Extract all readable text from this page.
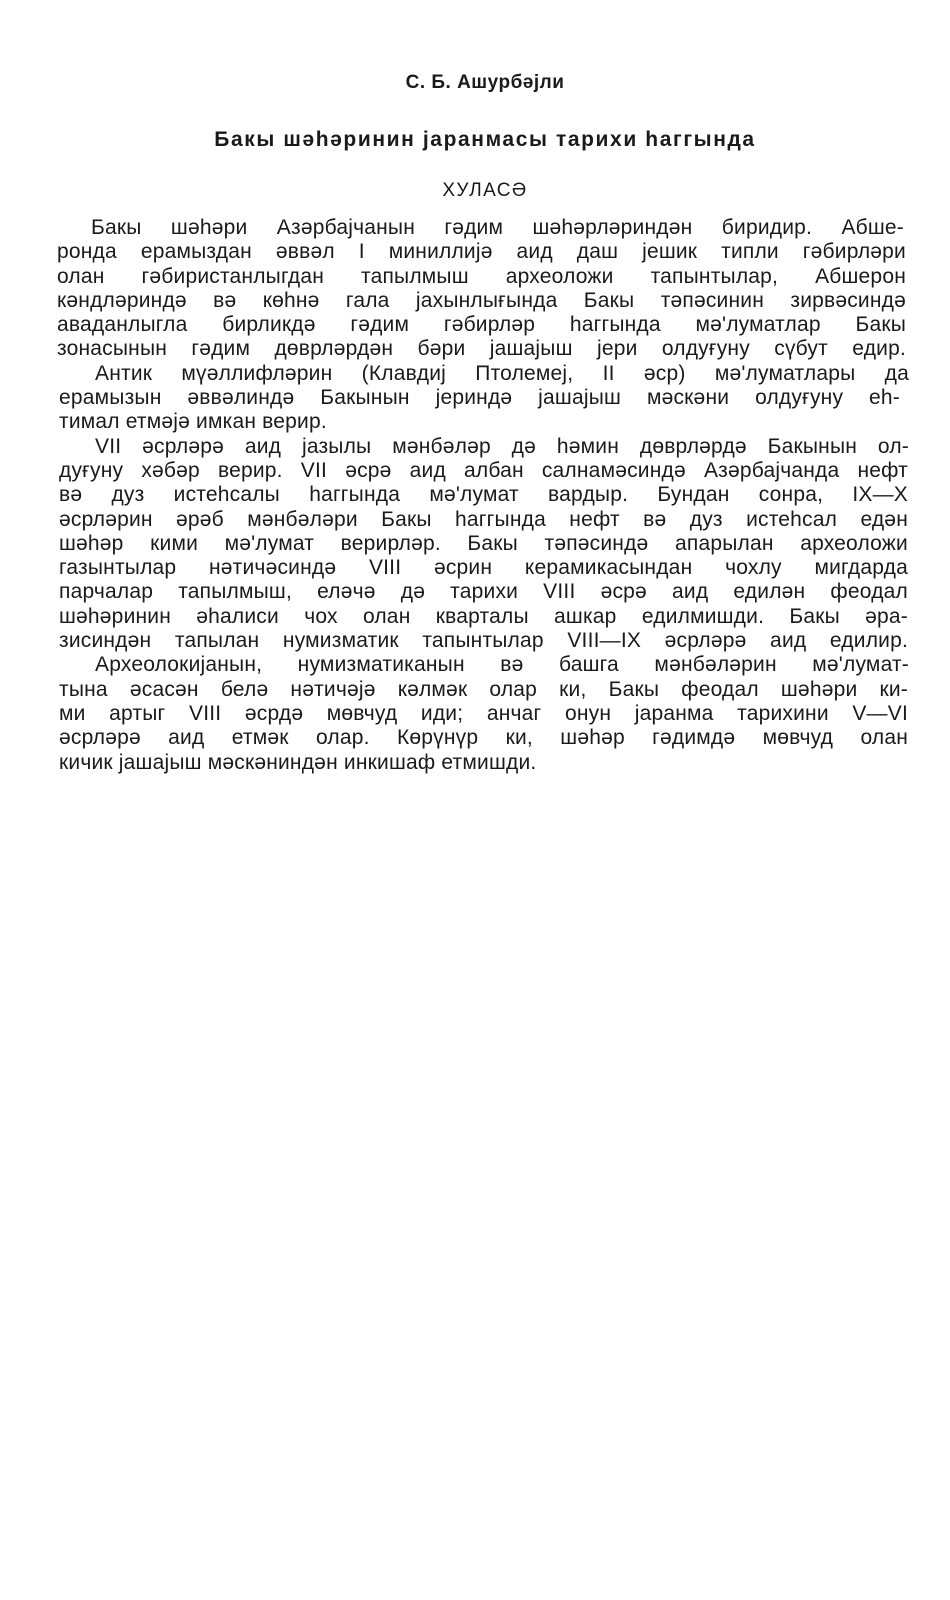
С. Б. Ашурбәјли
Бакы шәһәринин јаранмасы тарихи һаггында
ХУЛАСӘ
Бакы шәһәри Азәрбајчанын гәдим шәһәрләриндән биридир. Абше-
ронда ерамыздан әввәл I миниллијә аид даш јешик типли гәбирләри
олан гәбиристанлыгдан тапылмыш археоложи тапынтылар, Абшерон
кәндләриндә вә көһнә гала јахынлығында Бакы тәпәсинин зирвәсиндә
аваданлыгла бирликдә гәдим гәбирләр һаггында мә'луматлар Бакы
зонасынын гәдим дөврләрдән бәри јашајыш јери олдуғуну сүбут едир.
Антик мүәллифләрин (Клавдиј Птолемеј, II әср) мә'луматлары да
ерамызын әввәлиндә Бакынын јериндә јашајыш мәскәни олдуғуну еһ-
тимал етмәјә имкан верир.
VII әсрләрә аид јазылы мәнбәләр дә һәмин дөврләрдә Бакынын ол-
дуғуну хәбәр верир. VII әсрә аид албан салнамәсиндә Азәрбајчанда нефт
вә дуз истеһсалы һаггында мә'лумат вардыр. Бундан сонра, IX—X
әсрләрин әрәб мәнбәләри Бакы һаггында нефт вә дуз истеһсал едән
шәһәр кими мә'лумат верирләр. Бакы тәпәсиндә апарылан археоложи
газынтылар нәтичәсиндә VIII әсрин керамикасындан чохлу мигдарда
парчалар тапылмыш, еләчә дә тарихи VIII әсрә аид едилән феодал
шәһәринин әһалиси чох олан кварталы ашкар едилмишди. Бакы әра-
зисиндән тапылан нумизматик тапынтылар VIII—IX әсрләрә аид едилир.
Археолокијанын, нумизматиканын вә башга мәнбәләрин мә'лумат-
тына әсасән белә нәтичәјә кәлмәк олар ки, Бакы феодал шәһәри ки-
ми артыг VIII әсрдә мөвчуд иди; анчаг онун јаранма тарихини V—VI
әсрләрә аид етмәк олар. Көрүнүр ки, шәһәр гәдимдә мөвчуд олан
кичик јашајыш мәскәниндән инкишаф етмишди.
